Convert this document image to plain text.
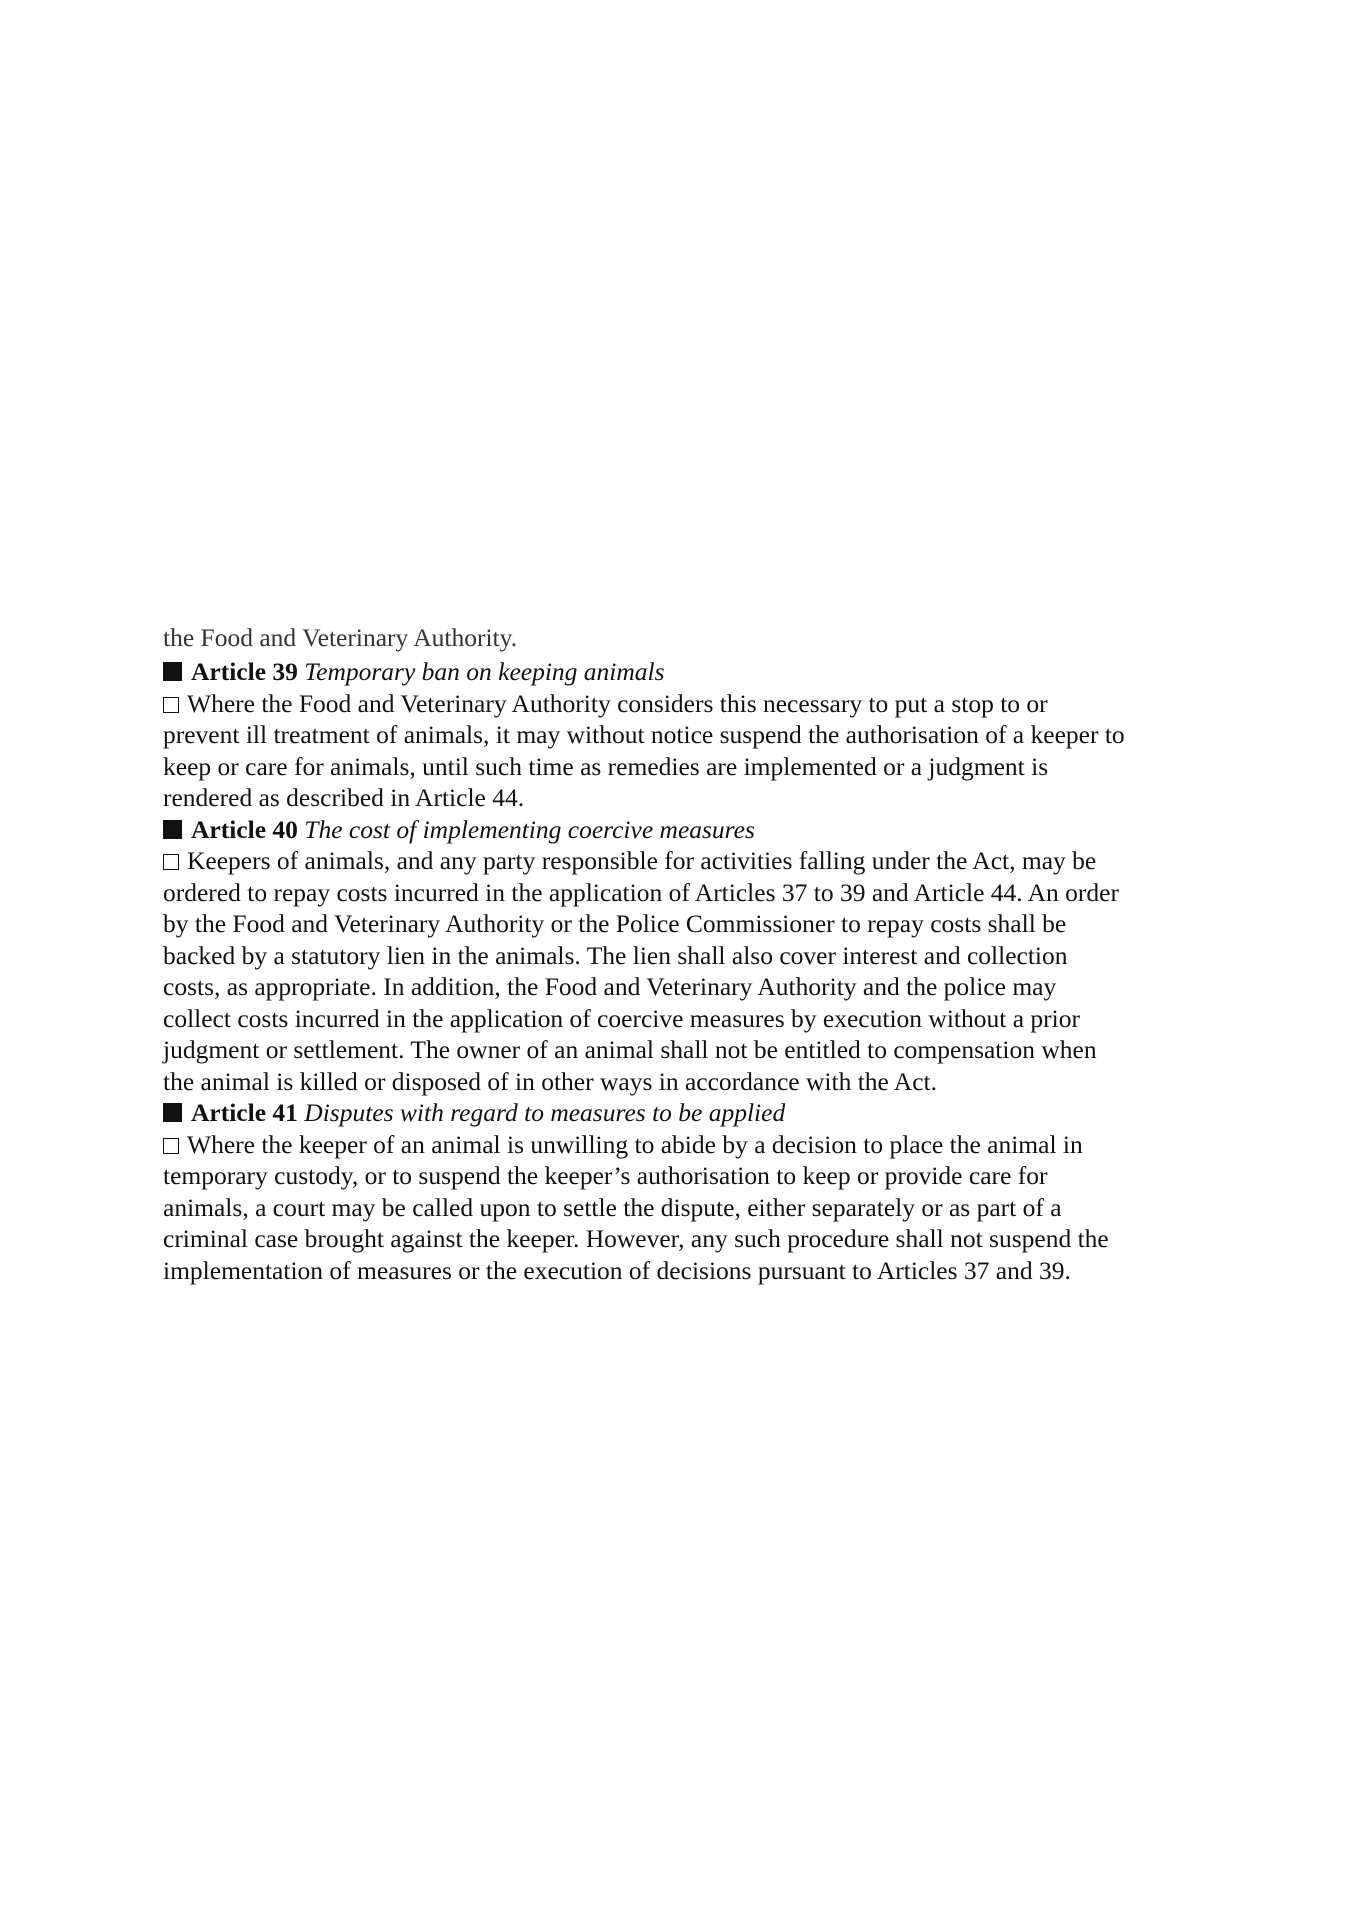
the Food and Veterinary Authority.
Article 39 Temporary ban on keeping animals
Where the Food and Veterinary Authority considers this necessary to put a stop to or
prevent ill treatment of animals, it may without notice suspend the authorisation of a keeper to
keep or care for animals, until such time as remedies are implemented or a judgment is
rendered as described in Article 44.
Article 40 The cost of implementing coercive measures
Keepers of animals, and any party responsible for activities falling under the Act, may be
ordered to repay costs incurred in the application of Articles 37 to 39 and Article 44. An order
by the Food and Veterinary Authority or the Police Commissioner to repay costs shall be
backed by a statutory lien in the animals. The lien shall also cover interest and collection
costs, as appropriate. In addition, the Food and Veterinary Authority and the police may
collect costs incurred in the application of coercive measures by execution without a prior
judgment or settlement. The owner of an animal shall not be entitled to compensation when
the animal is killed or disposed of in other ways in accordance with the Act.
Article 41 Disputes with regard to measures to be applied
Where the keeper of an animal is unwilling to abide by a decision to place the animal in
temporary custody, or to suspend the keeper’s authorisation to keep or provide care for
animals, a court may be called upon to settle the dispute, either separately or as part of a
criminal case brought against the keeper. However, any such procedure shall not suspend the
implementation of measures or the execution of decisions pursuant to Articles 37 and 39.
